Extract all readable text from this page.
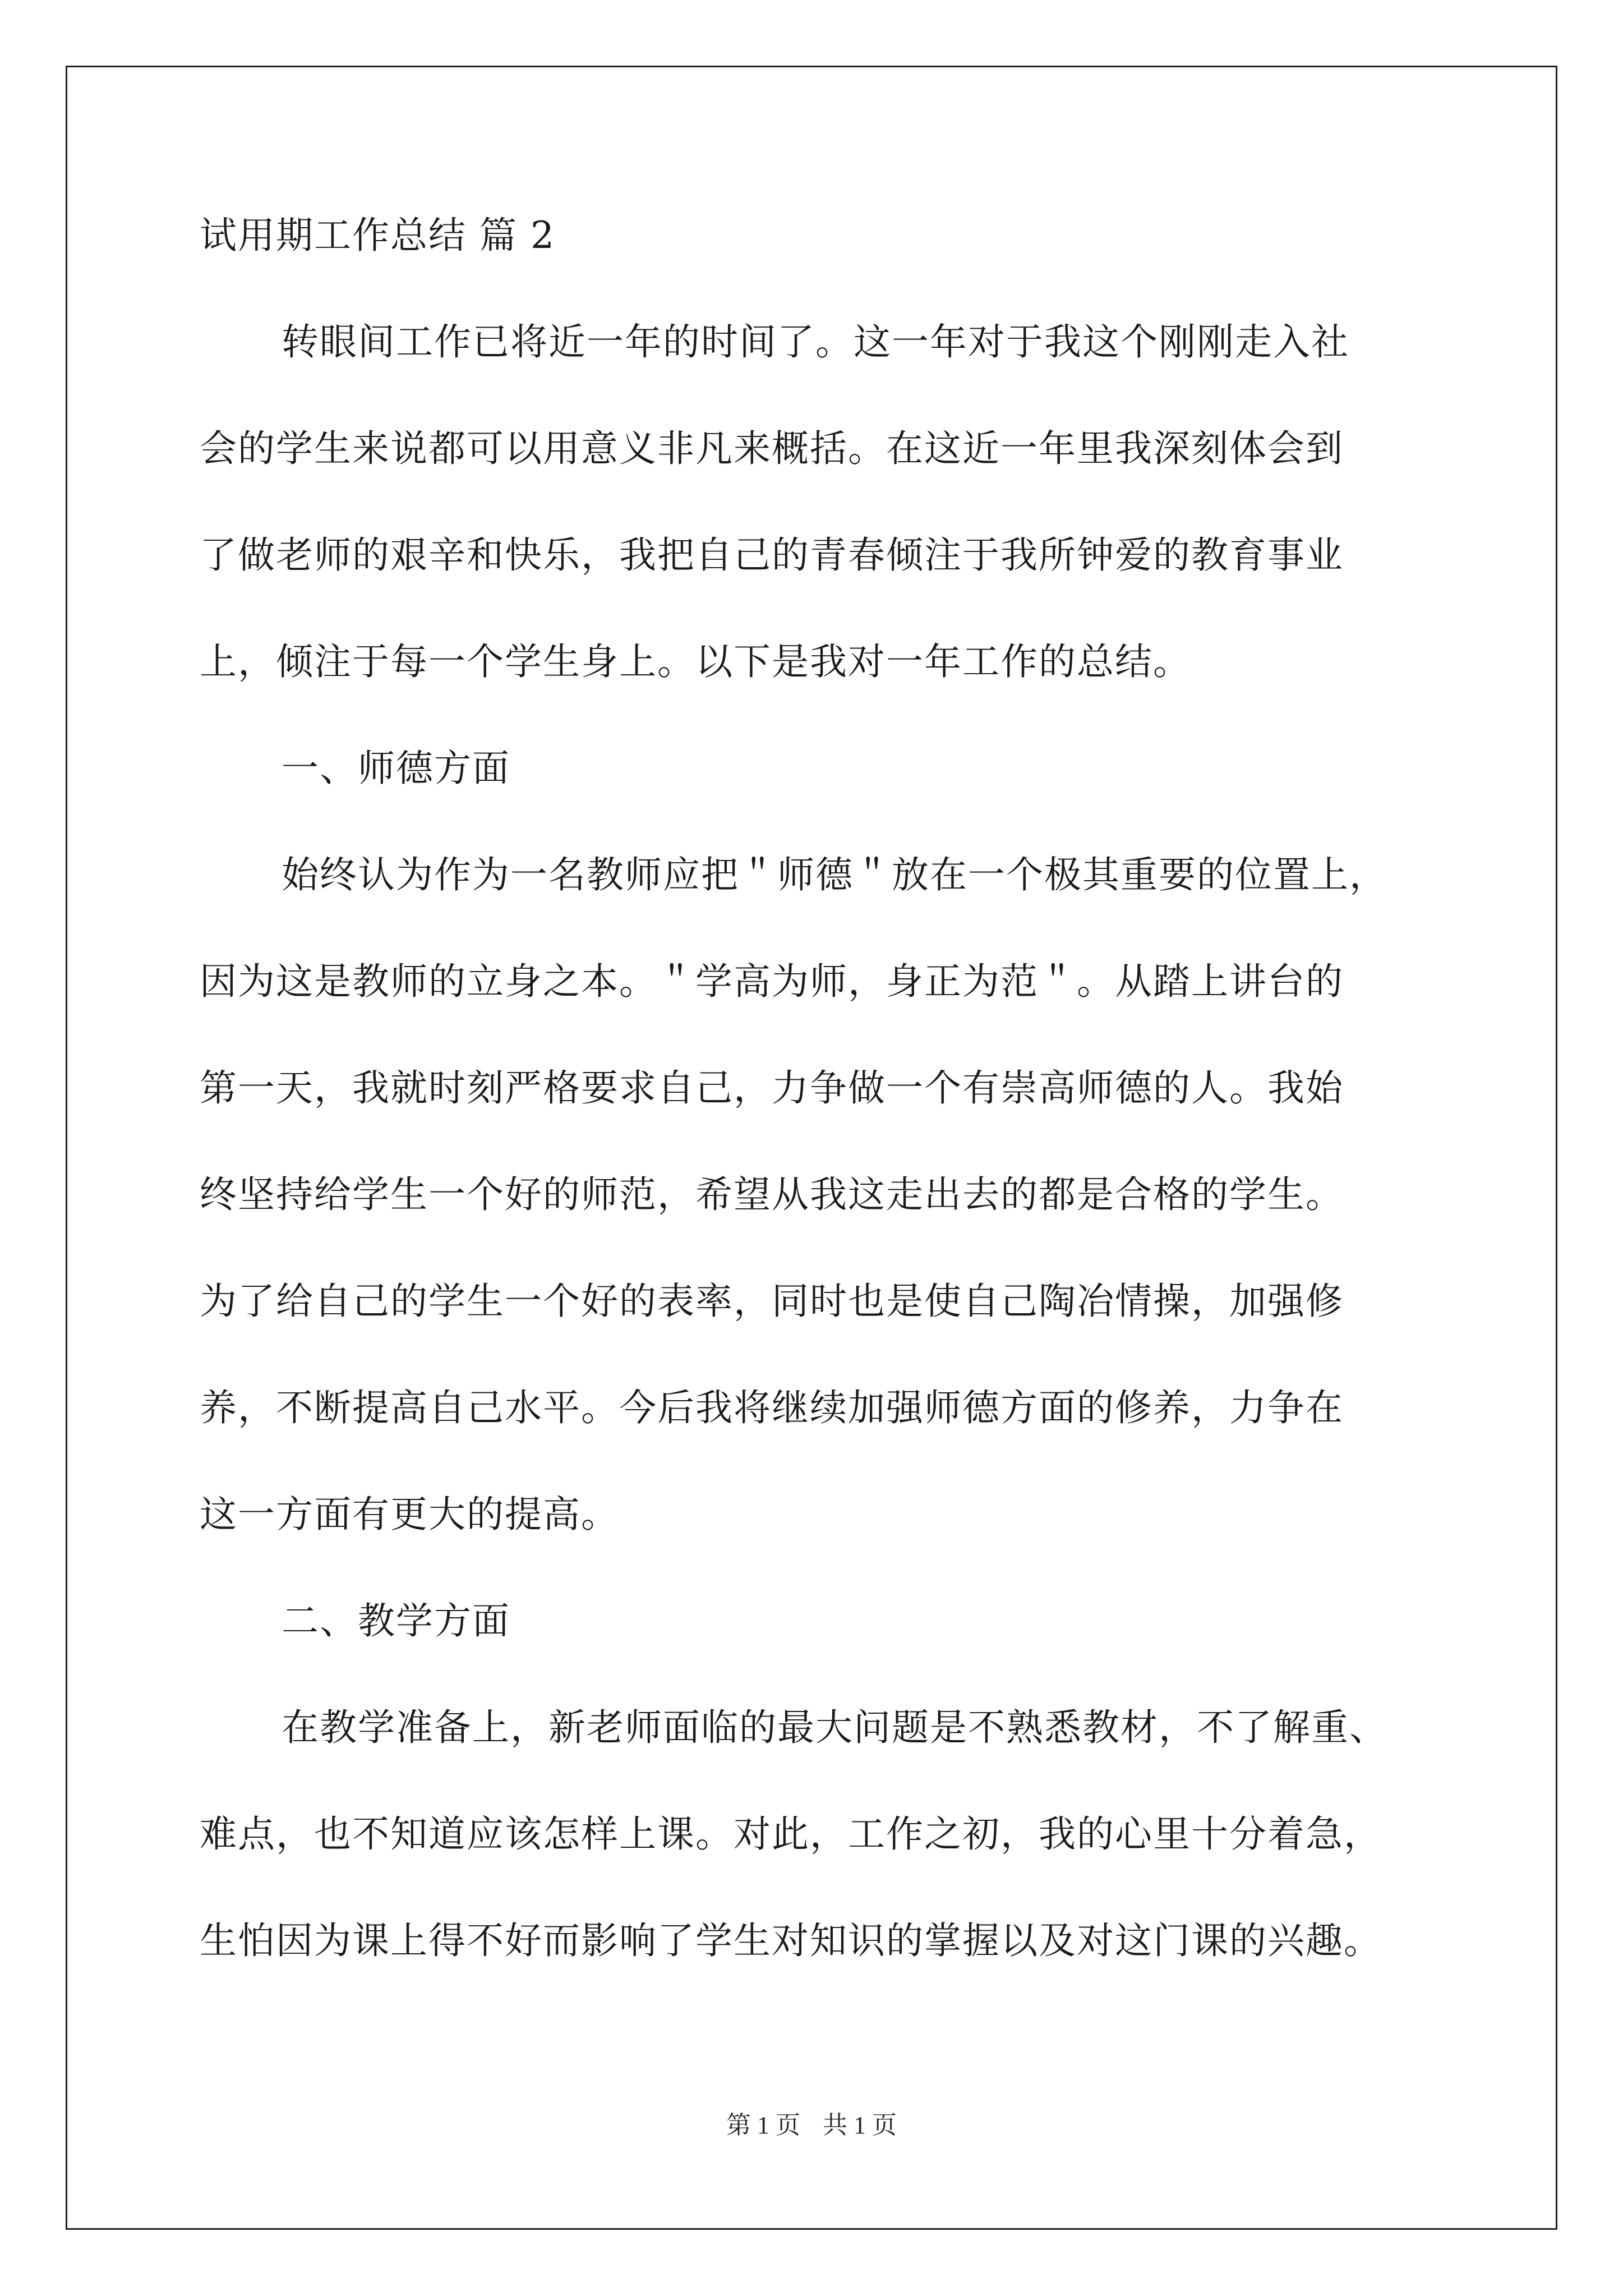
试用期工作总结 篇 2
转眼间工作已将近一年的时间了。这一年对于我这个刚刚走入社
会的学生来说都可以用意义非凡来概括。在这近一年里我深刻体会到
了做老师的艰辛和快乐，我把自己的青春倾注于我所钟爱的教育事业
上，倾注于每一个学生身上。以下是我对一年工作的总结。
一、师德方面
始终认为作为一名教师应把＂师德＂放在一个极其重要的位置上，
因为这是教师的立身之本。＂学高为师，身正为范＂。从踏上讲台的
第一天，我就时刻严格要求自己，力争做一个有崇高师德的人。我始
终坚持给学生一个好的师范，希望从我这走出去的都是合格的学生。
为了给自己的学生一个好的表率，同时也是使自己陶冶情操，加强修
养，不断提高自己水平。今后我将继续加强师德方面的修养，力争在
这一方面有更大的提高。
二、教学方面
在教学准备上，新老师面临的最大问题是不熟悉教材，不了解重、
难点，也不知道应该怎样上课。对此，工作之初，我的心里十分着急，
生怕因为课上得不好而影响了学生对知识的掌握以及对这门课的兴趣。
第 1 页 共 1 页
